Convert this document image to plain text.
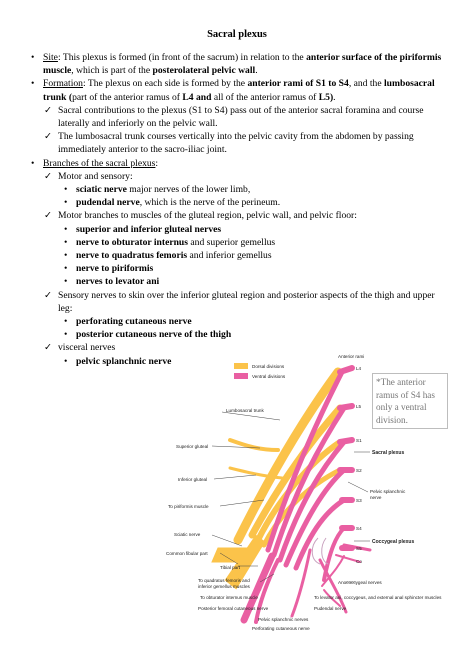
Sacral plexus
• Site: This plexus is formed (in front of the sacrum) in relation to the anterior surface of the piriformis muscle, which is part of the posterolateral pelvic wall.
• Formation: The plexus on each side is formed by the anterior rami of S1 to S4, and the lumbosacral trunk (part of the anterior ramus of L4 and all of the anterior ramus of L5).
✓ Sacral contributions to the plexus (S1 to S4) pass out of the anterior sacral foramina and course laterally and inferiorly on the pelvic wall.
✓ The lumbosacral trunk courses vertically into the pelvic cavity from the abdomen by passing immediately anterior to the sacro-iliac joint.
• Branches of the sacral plexus:
✓ Motor and sensory:
• sciatic nerve major nerves of the lower limb,
• pudendal nerve, which is the nerve of the perineum.
✓ Motor branches to muscles of the gluteal region, pelvic wall, and pelvic floor:
• superior and inferior gluteal nerves
• nerve to obturator internus and superior gemellus
• nerve to quadratus femoris and inferior gemellus
• nerve to piriformis
• nerves to levator ani
✓ Sensory nerves to skin over the inferior gluteal region and posterior aspects of the thigh and upper leg:
• perforating cutaneous nerve
• posterior cutaneous nerve of the thigh
✓ visceral nerves
• pelvic splanchnic nerve	Dorsal divisions
Ventral divisions
Anterior rami
L4
L5
S1
S2
S3
S4
S5
Co
Lumbosacral trunk
Superior gluteal
Inferior gluteal
To piriformis muscle
Sciatic nerve
Common fibular part
Tibial part
To quadratus femoris and
inferior gemellus muscles
To obturator internus muscle
Posterior femoral cutaneous nerve
Pelvic splanchnic nerves
Perforating cutaneous nerve
Pudendal nerve
To levator ani, coccygeus, and external anal sphincter muscles
Anococcygeal nerves
Sacral plexus
Coccygeal plexus
Pelvic splanchnic
nerve
*The anterior ramus of S4 has only a ventral division.
